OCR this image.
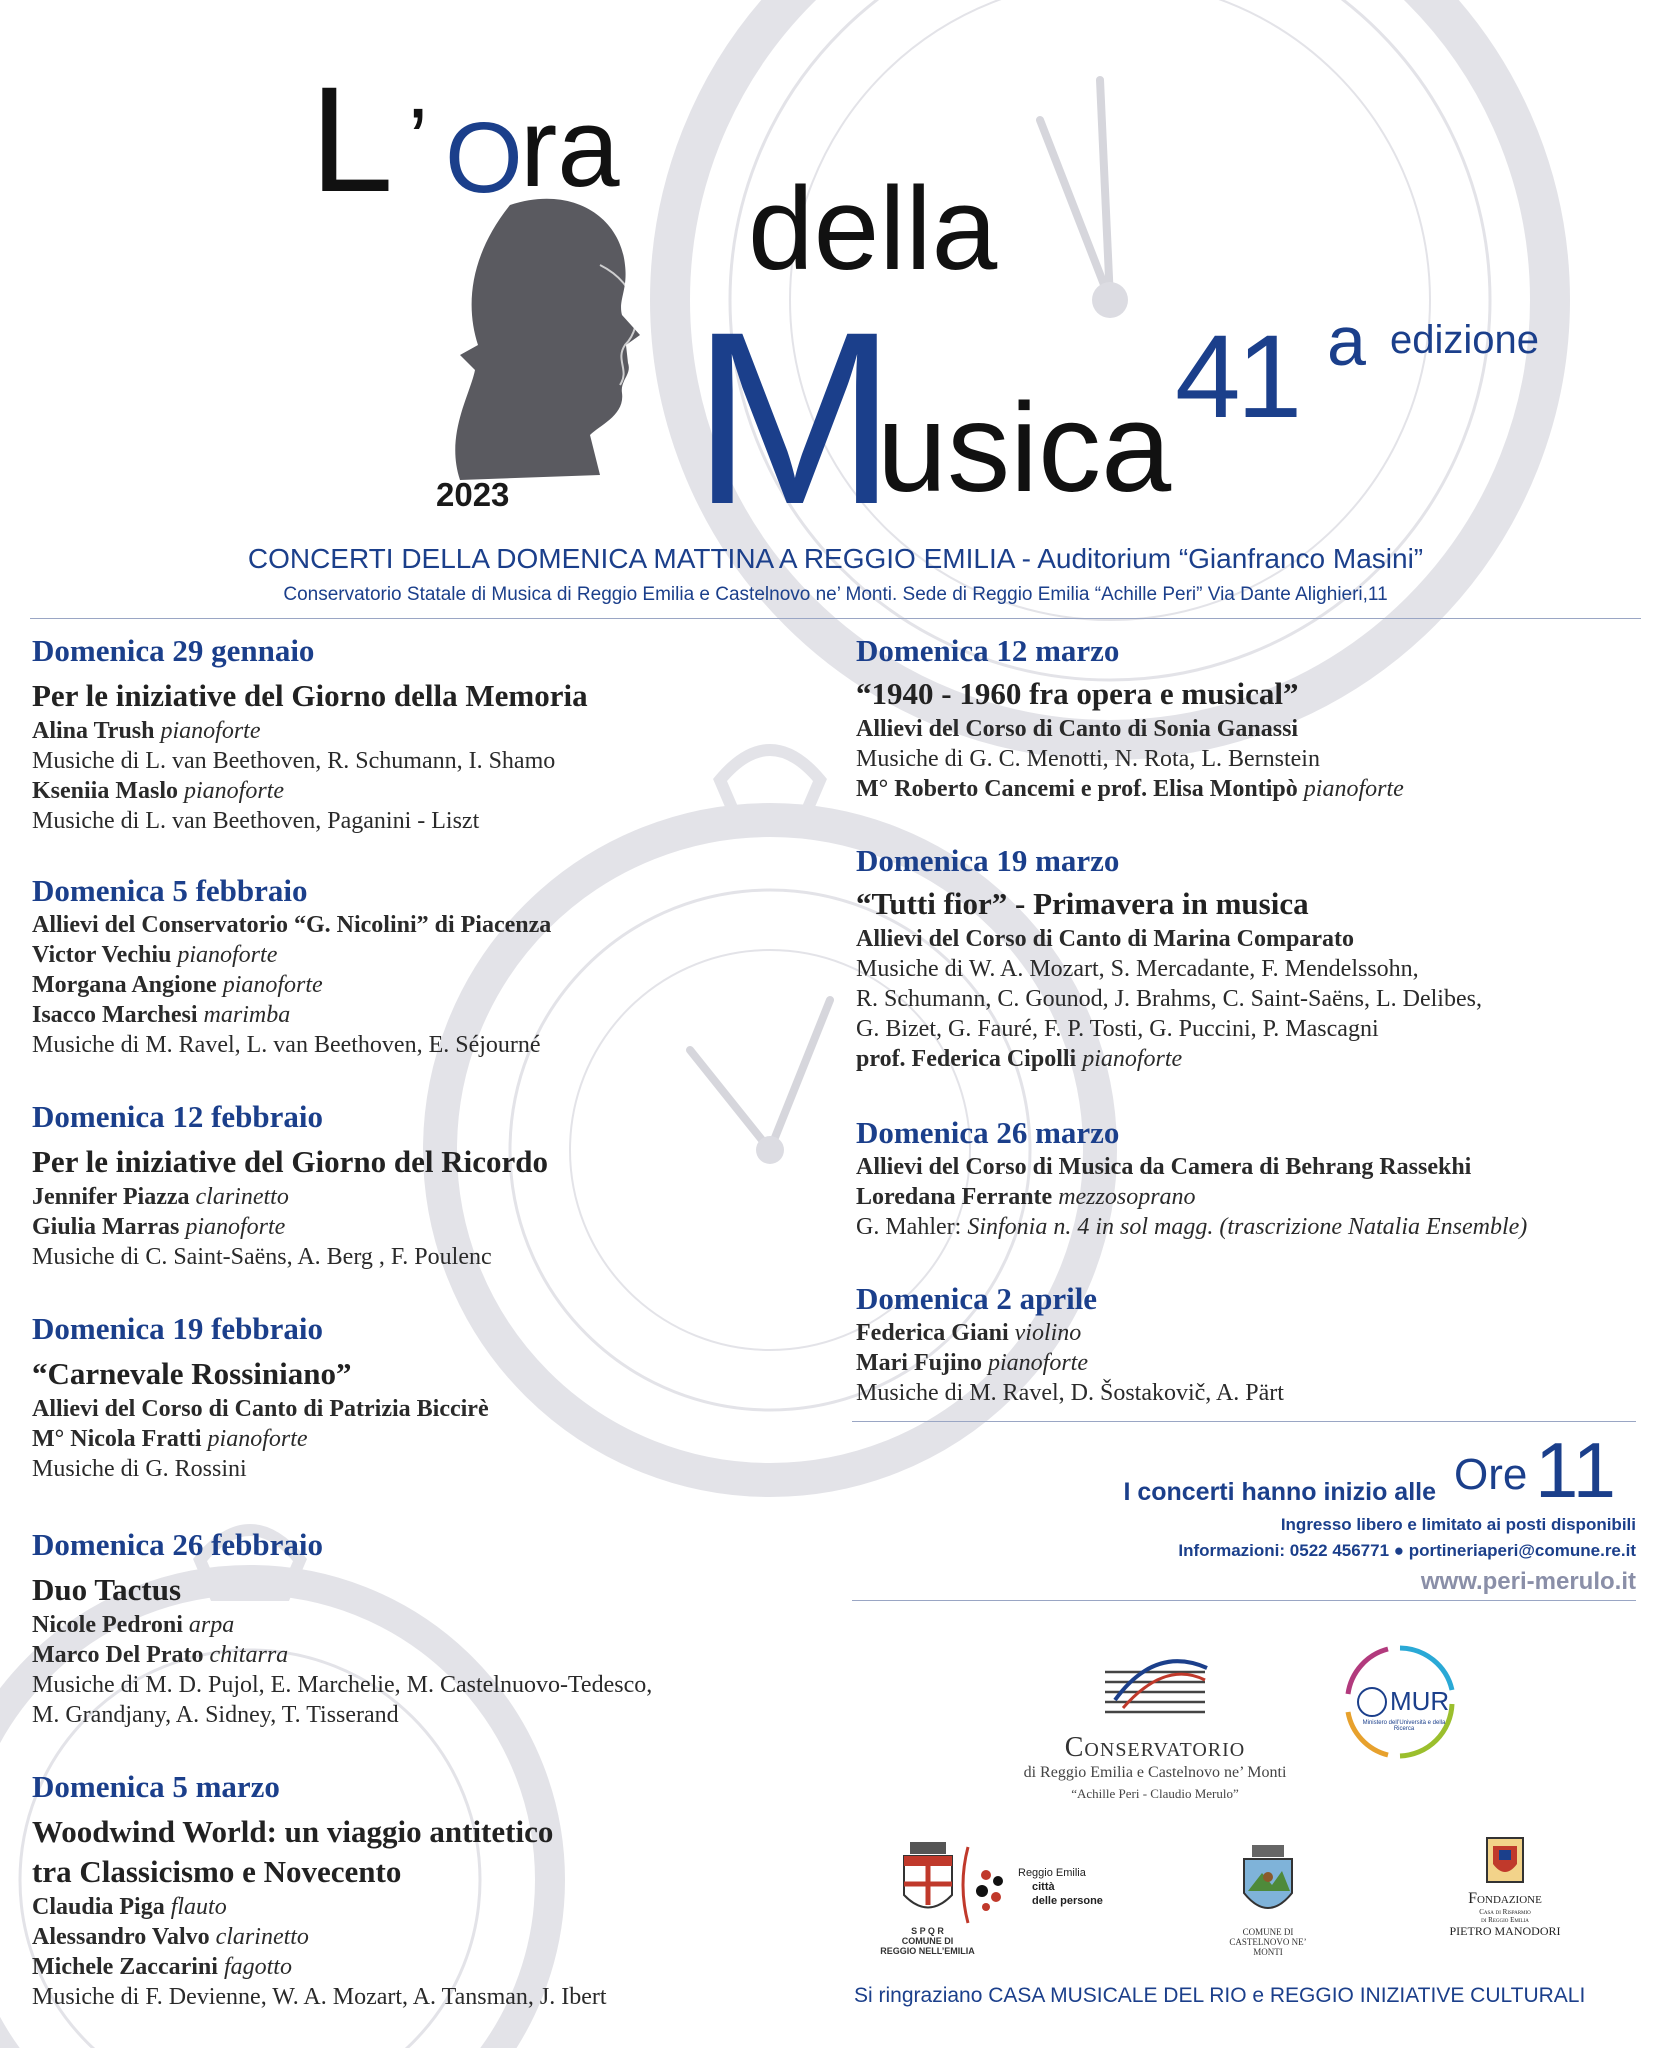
L ’ O
ra
della
M
usica 41 a edizione
2023
CONCERTI DELLA DOMENICA MATTINA A REGGIO EMILIA - Auditorium “Gianfranco Masini”
Conservatorio Statale di Musica di Reggio Emilia e Castelnovo ne’ Monti. Sede di Reggio Emilia “Achille Peri” Via Dante Alighieri,11
Domenica 29 gennaio
Per le iniziative del Giorno della Memoria
Alina Trush pianoforte
Musiche di L. van Beethoven, R. Schumann, I. Shamo
Kseniia Maslo pianoforte
Musiche di L. van Beethoven, Paganini - Liszt
Domenica 5 febbraio
Allievi del Conservatorio “G. Nicolini” di Piacenza
Victor Vechiu pianoforte
Morgana Angione pianoforte
Isacco Marchesi marimba
Musiche di M. Ravel, L. van Beethoven, E. Séjourné
Domenica 12 febbraio
Per le iniziative del Giorno del Ricordo
Jennifer Piazza clarinetto
Giulia Marras pianoforte
Musiche di C. Saint-Saëns, A. Berg , F. Poulenc
Domenica 19 febbraio
“Carnevale Rossiniano”
Allievi del Corso di Canto di Patrizia Biccirè
M° Nicola Fratti pianoforte
Musiche di G. Rossini
Domenica 26 febbraio
Duo Tactus
Nicole Pedroni arpa
Marco Del Prato chitarra
Musiche di M. D. Pujol, E. Marchelie, M. Castelnuovo-Tedesco,
M. Grandjany, A. Sidney, T. Tisserand
Domenica 5 marzo
Woodwind World: un viaggio antitetico
tra Classicismo e Novecento
Claudia Piga flauto
Alessandro Valvo clarinetto
Michele Zaccarini fagotto
Musiche di F. Devienne, W. A. Mozart, A. Tansman, J. Ibert
Domenica 12 marzo
“1940 - 1960 fra opera e musical”
Allievi del Corso di Canto di Sonia Ganassi
Musiche di G. C. Menotti, N. Rota, L. Bernstein
M° Roberto Cancemi e prof. Elisa Montipò pianoforte
Domenica 19 marzo
“Tutti fior” - Primavera in musica
Allievi del Corso di Canto di Marina Comparato
Musiche di W. A. Mozart, S. Mercadante, F. Mendelssohn,
R. Schumann, C. Gounod, J. Brahms, C. Saint-Saëns, L. Delibes,
G. Bizet, G. Fauré, F. P. Tosti, G. Puccini, P. Mascagni
prof. Federica Cipolli pianoforte
Domenica 26 marzo
Allievi del Corso di Musica da Camera di Behrang Rassekhi
Loredana Ferrante mezzosoprano
G. Mahler: Sinfonia n. 4 in sol magg. (trascrizione Natalia Ensemble)
Domenica 2 aprile
Federica Giani violino
Mari Fujino pianoforte
Musiche di M. Ravel, D. Šostakovič, A. Pärt
I concerti hanno inizio alle Ore 11
Ingresso libero e limitato ai posti disponibili
Informazioni: 0522 456771 ● portineriaperi@comune.re.it
www.peri-merulo.it
Conservatorio
di Reggio Emilia e Castelnovo ne’ Monti
“Achille Peri - Claudio Merulo”
MUR
Ministero dell’Università e della Ricerca
S P Q R
COMUNE DI
REGGIO NELL’EMILIA
Reggio Emilia
città
delle persone
COMUNE DI
CASTELNOVO NE’ MONTI
Fondazione
Casa di Risparmio
di Reggio Emilia
PIETRO MANODORI
Si ringraziano CASA MUSICALE DEL RIO e REGGIO INIZIATIVE CULTURALI
